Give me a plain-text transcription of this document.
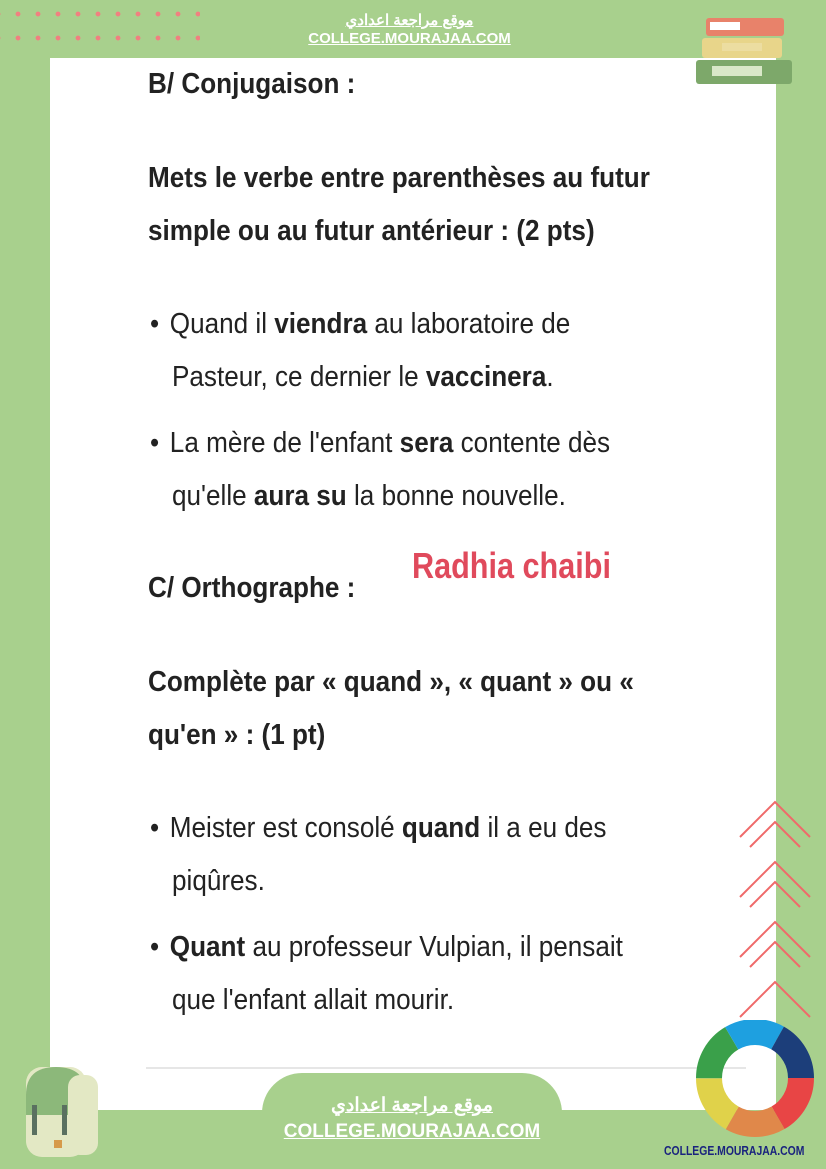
موقع مراجعة اعدادي
COLLEGE.MOURAJAA.COM
B/ Conjugaison :
Mets le verbe entre parenthèses au futur
simple ou au futur antérieur : (2 pts)
• Quand il viendra au laboratoire de
Pasteur, ce dernier le vaccinera.
• La mère de l'enfant sera contente dès
qu'elle aura su la bonne nouvelle.
C/ Orthographe :
Radhia chaibi
Complète par « quand », « quant » ou «
qu'en » : (1 pt)
• Meister est consolé quand il a eu des
piqûres.
• Quant au professeur Vulpian, il pensait
que l'enfant allait mourir.
موقع مراجعة اعدادي
COLLEGE.MOURAJAA.COM
COLLEGE.MOURAJAA.COM
